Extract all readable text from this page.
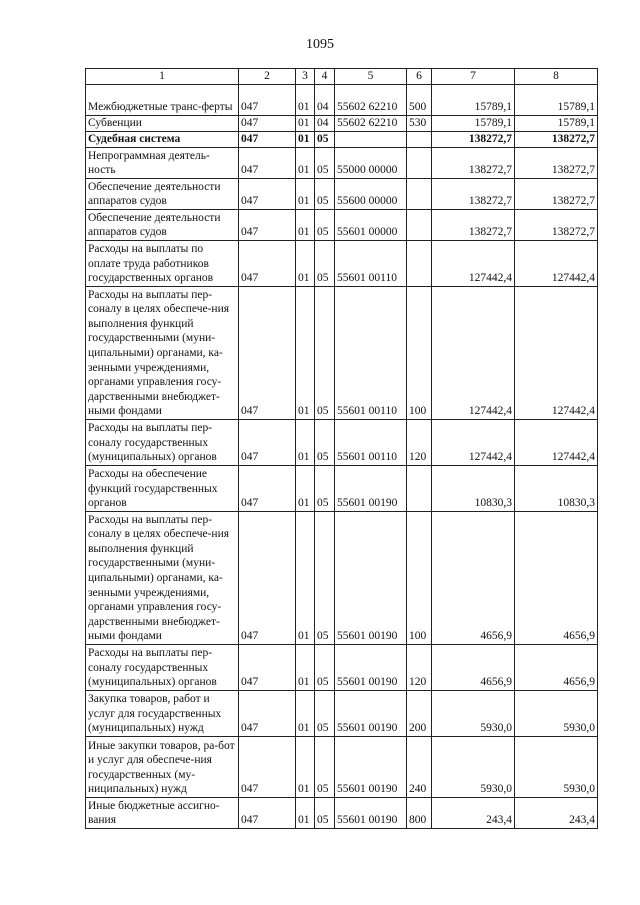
1095
1	2	3	4	5	6	7	8
Межбюджетные транс-ферты	047	01	04	55602 62210	500	15789,1	15789,1
Субвенции	047	01	04	55602 62210	530	15789,1	15789,1
Судебная система	047	01	05			138272,7	138272,7
Непрограммная деятель-ность	047	01	05	55000 00000		138272,7	138272,7
Обеспечение деятельности аппаратов судов	047	01	05	55600 00000		138272,7	138272,7
Обеспечение деятельности аппаратов судов	047	01	05	55601 00000		138272,7	138272,7
Расходы на выплаты по оплате труда работников государственных органов	047	01	05	55601 00110		127442,4	127442,4
Расходы на выплаты пер-соналу в целях обеспече-ния выполнения функций государственными (муни-ципальными) органами, ка-зенными учреждениями, органами управления госу-дарственными внебюджет-ными фондами	047	01	05	55601 00110	100	127442,4	127442,4
Расходы на выплаты пер-соналу государственных (муниципальных) органов	047	01	05	55601 00110	120	127442,4	127442,4
Расходы на обеспечение функций государственных органов	047	01	05	55601 00190		10830,3	10830,3
Расходы на выплаты пер-соналу в целях обеспече-ния выполнения функций государственными (муни-ципальными) органами, ка-зенными учреждениями, органами управления госу-дарственными внебюджет-ными фондами	047	01	05	55601 00190	100	4656,9	4656,9
Расходы на выплаты пер-соналу государственных (муниципальных) органов	047	01	05	55601 00190	120	4656,9	4656,9
Закупка товаров, работ и услуг для государственных (муниципальных) нужд	047	01	05	55601 00190	200	5930,0	5930,0
Иные закупки товаров, ра-бот и услуг для обеспече-ния государственных (му-ниципальных) нужд	047	01	05	55601 00190	240	5930,0	5930,0
Иные бюджетные ассигно-вания	047	01	05	55601 00190	800	243,4	243,4
